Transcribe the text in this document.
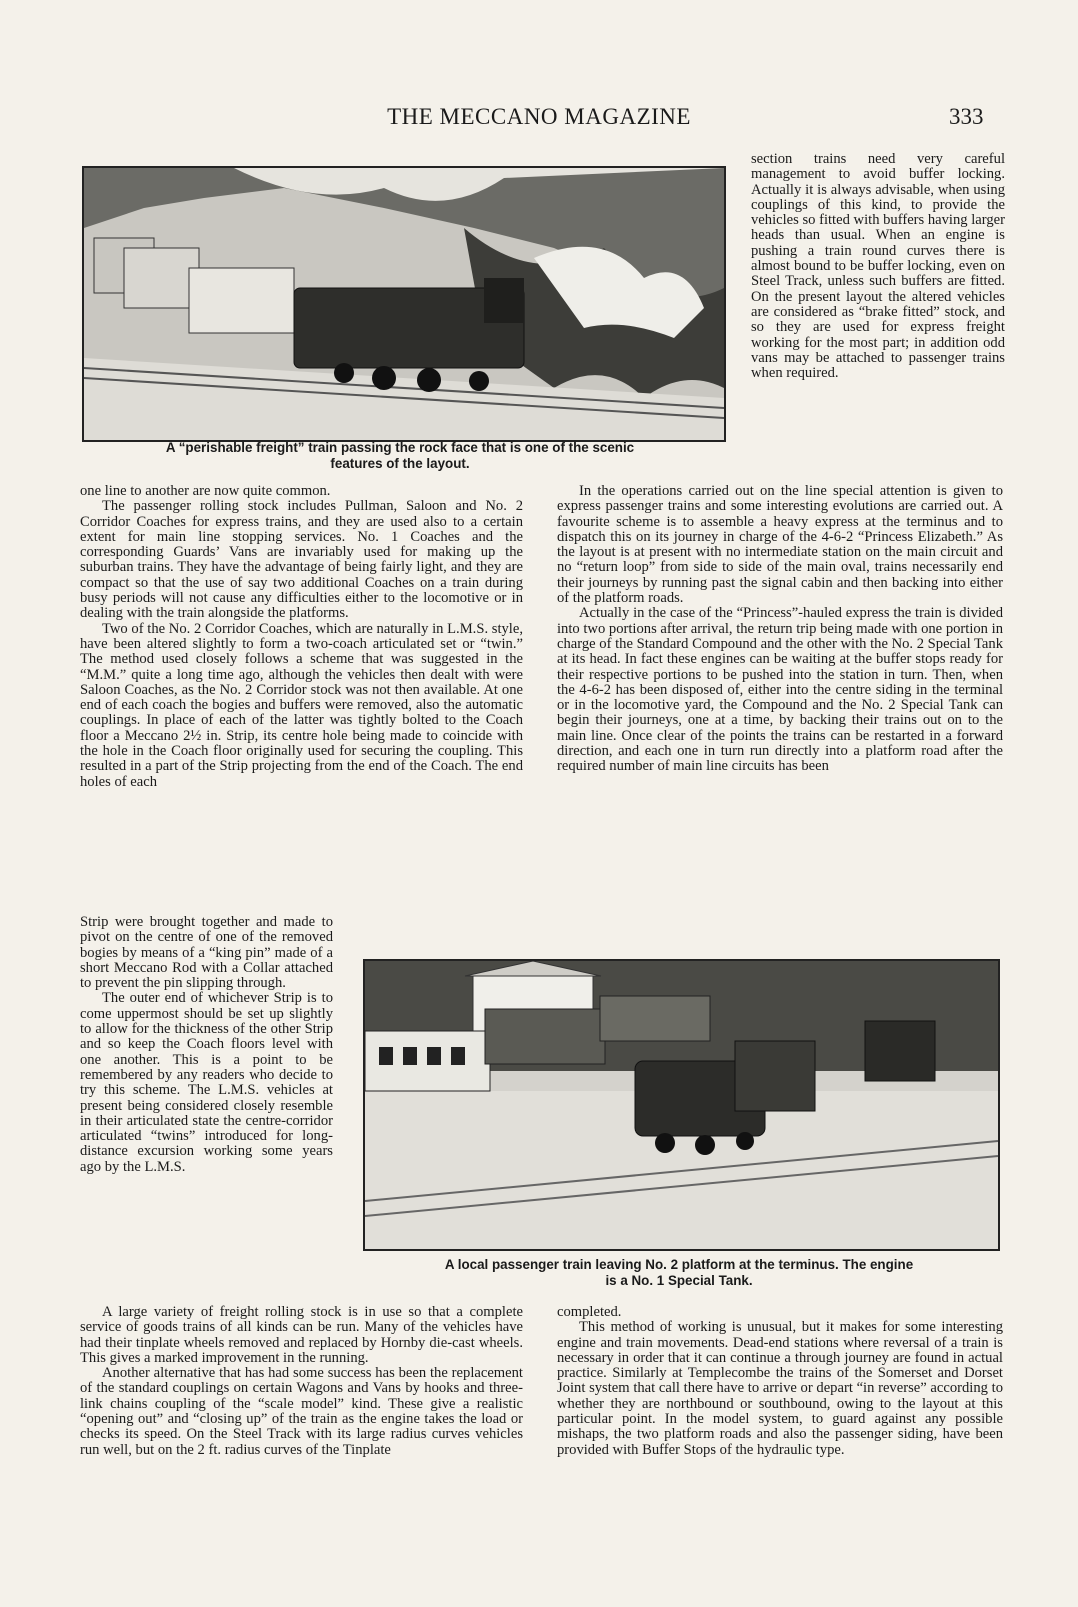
THE MECCANO MAGAZINE	333
A “perishable freight” train passing the rock face that is one of the scenic
features of the layout.

section trains need very careful management to avoid buffer locking. Actually it is always advisable, when using couplings of this kind, to provide the vehicles so fitted with buffers having larger heads than usual. When an engine is pushing a train round curves there is almost bound to be buffer locking, even on Steel Track, unless such buffers are fitted. On the present layout the altered vehicles are considered as “brake fitted” stock, and so they are used for express freight working for the most part; in addition odd vans may be attached to passenger trains when required.

one line to another are now quite common.

The passenger rolling stock includes Pullman, Saloon and No. 2 Corridor Coaches for express trains, and they are used also to a certain extent for main line stopping services. No. 1 Coaches and the corresponding Guards’ Vans are invariably used for making up the suburban trains. They have the advantage of being fairly light, and they are compact so that the use of say two additional Coaches on a train during busy periods will not cause any difficulties either to the locomotive or in dealing with the train alongside the platforms.

Two of the No. 2 Corridor Coaches, which are naturally in L.M.S. style, have been altered slightly to form a two-coach articulated set or “twin.” The method used closely follows a scheme that was suggested in the “M.M.” quite a long time ago, although the vehicles then dealt with were Saloon Coaches, as the No. 2 Corridor stock was not then available. At one end of each coach the bogies and buffers were removed, also the automatic couplings. In place of each of the latter was tightly bolted to the Coach floor a Meccano 2½ in. Strip, its centre hole being made to coincide with the hole in the Coach floor originally used for securing the coupling. This resulted in a part of the Strip projecting from the end of the Coach. The end holes of each

Strip were brought together and made to pivot on the centre of one of the removed bogies by means of a “king pin” made of a short Meccano Rod with a Collar attached to prevent the pin slipping through.

The outer end of whichever Strip is to come uppermost should be set up slightly to allow for the thickness of the other Strip and so keep the Coach floors level with one another. This is a point to be remembered by any readers who decide to try this scheme. The L.M.S. vehicles at present being considered closely resemble in their articulated state the centre-corridor articulated “twins” introduced for long-distance excursion working some years ago by the L.M.S.

A large variety of freight rolling stock is in use so that a complete service of goods trains of all kinds can be run. Many of the vehicles have had their tinplate wheels removed and replaced by Hornby die-cast wheels. This gives a marked improvement in the running.

Another alternative that has had some success has been the replacement of the standard couplings on certain Wagons and Vans by hooks and three-link chains coupling of the “scale model” kind. These give a realistic “opening out” and “closing up” of the train as the engine takes the load or checks its speed. On the Steel Track with its large radius curves vehicles run well, but on the 2 ft. radius curves of the Tinplate

In the operations carried out on the line special attention is given to express passenger trains and some interesting evolutions are carried out. A favourite scheme is to assemble a heavy express at the terminus and to dispatch this on its journey in charge of the 4-6-2 “Princess Elizabeth.” As the layout is at present with no intermediate station on the main circuit and no “return loop” from side to side of the main oval, trains necessarily end their journeys by running past the signal cabin and then backing into either of the platform roads.

Actually in the case of the “Princess”-hauled express the train is divided into two portions after arrival, the return trip being made with one portion in charge of the Standard Compound and the other with the No. 2 Special Tank at its head. In fact these engines can be waiting at the buffer stops ready for their respective portions to be pushed into the station in turn. Then, when the 4-6-2 has been disposed of, either into the centre siding in the terminal or in the locomotive yard, the Compound and the No. 2 Special Tank can begin their journeys, one at a time, by backing their trains out on to the main line. Once clear of the points the trains can be restarted in a forward direction, and each one in turn run directly into a platform road after the required number of main line circuits has been

A local passenger train leaving No. 2 platform at the terminus. The engine
is a No. 1 Special Tank.

completed.

This method of working is unusual, but it makes for some interesting engine and train movements. Dead-end stations where reversal of a train is necessary in order that it can continue a through journey are found in actual practice. Similarly at Templecombe the trains of the Somerset and Dorset Joint system that call there have to arrive or depart “in reverse” according to whether they are northbound or southbound, owing to the layout at this particular point. In the model system, to guard against any possible mishaps, the two platform roads and also the passenger siding, have been provided with Buffer Stops of the hydraulic type.
